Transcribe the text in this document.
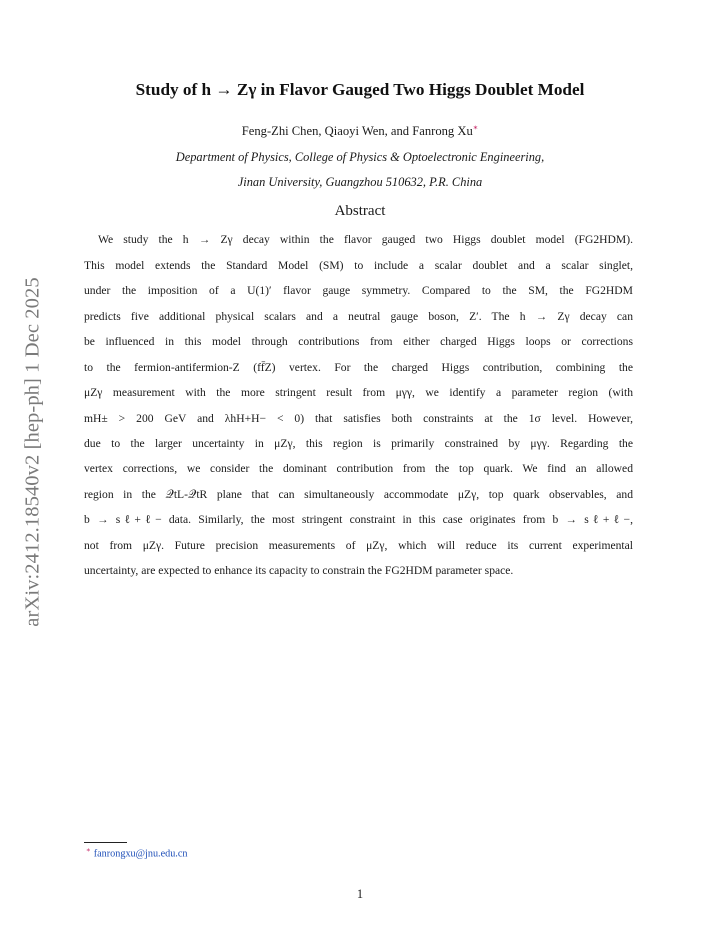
arXiv:2412.18540v2 [hep-ph] 1 Dec 2025
Study of h → Zγ in Flavor Gauged Two Higgs Doublet Model
Feng-Zhi Chen, Qiaoyi Wen, and Fanrong Xu∗
Department of Physics, College of Physics & Optoelectronic Engineering,
Jinan University, Guangzhou 510632, P.R. China
Abstract
We study the h → Zγ decay within the flavor gauged two Higgs doublet model (FG2HDM).
This model extends the Standard Model (SM) to include a scalar doublet and a scalar singlet,
under the imposition of a U(1)′ flavor gauge symmetry. Compared to the SM, the FG2HDM
predicts five additional physical scalars and a neutral gauge boson, Z′. The h → Zγ decay can
be influenced in this model through contributions from either charged Higgs loops or corrections
to the fermion-antifermion-Z (ff̄Z) vertex. For the charged Higgs contribution, combining the
μZγ measurement with the more stringent result from μγγ, we identify a parameter region (with
mH± > 200 GeV and λhH+H− < 0) that satisfies both constraints at the 1σ level. However,
due to the larger uncertainty in μZγ, this region is primarily constrained by μγγ. Regarding the
vertex corrections, we consider the dominant contribution from the top quark. We find an allowed
region in the 𝒬tL-𝒬tR plane that can simultaneously accommodate μZγ, top quark observables, and
b → sℓ+ℓ− data. Similarly, the most stringent constraint in this case originates from b → sℓ+ℓ−,
not from μZγ. Future precision measurements of μZγ, which will reduce its current experimental
uncertainty, are expected to enhance its capacity to constrain the FG2HDM parameter space.
∗ fanrongxu@jnu.edu.cn
1
